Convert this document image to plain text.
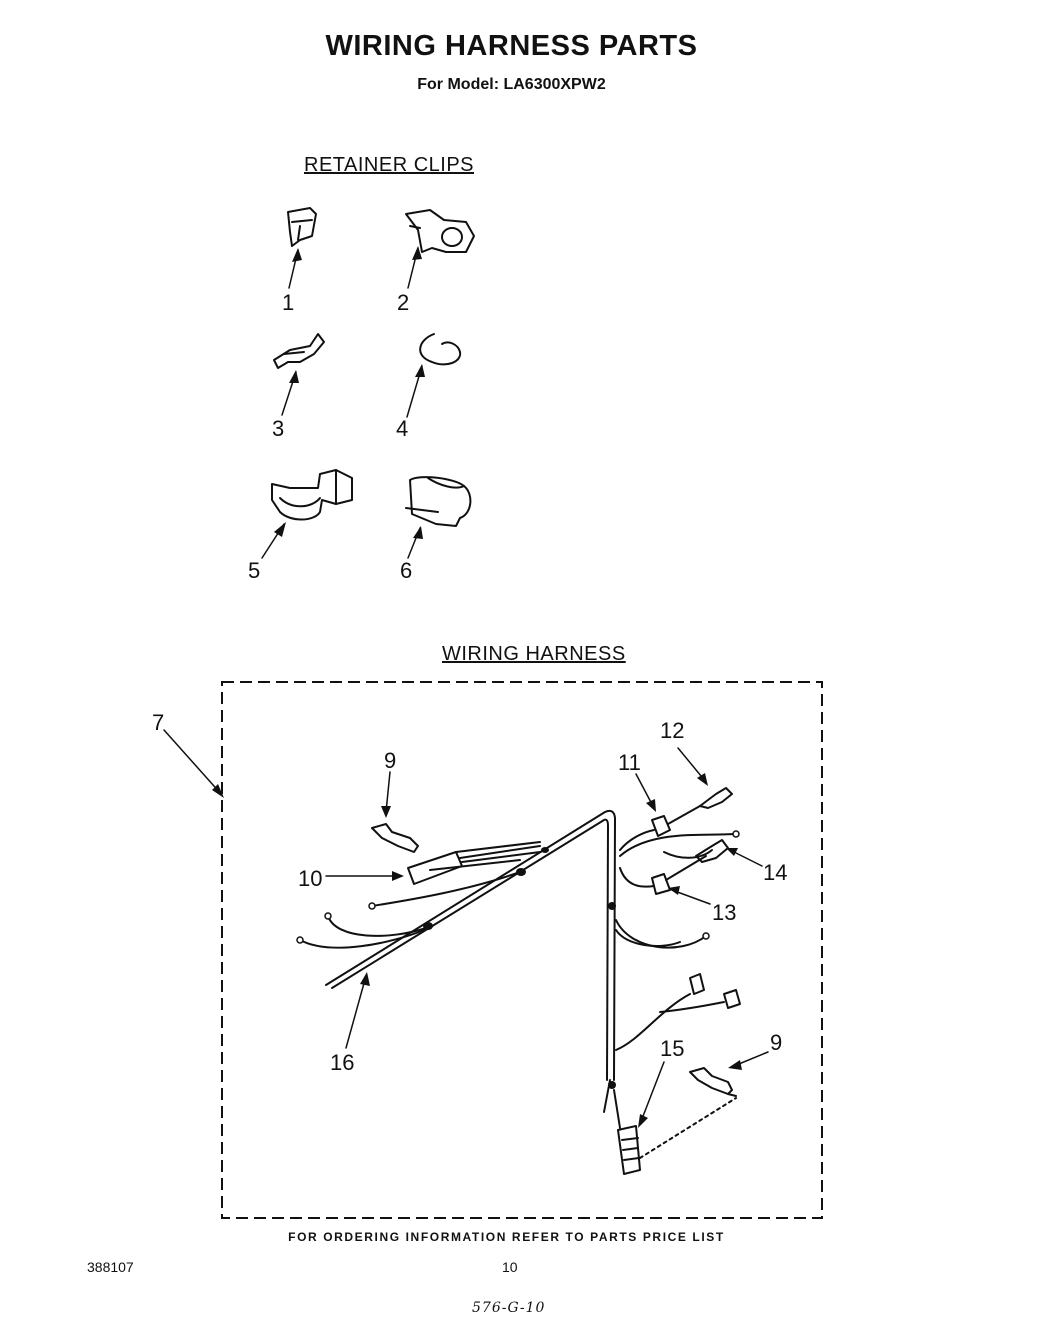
WIRING HARNESS PARTS
For Model: LA6300XPW2
RETAINER CLIPS
WIRING HARNESS
1	2
3	4
5	6
7
9
10
11
12
13
14
15	9
16
FOR ORDERING INFORMATION REFER TO PARTS PRICE LIST
388107	10
576-G-10
